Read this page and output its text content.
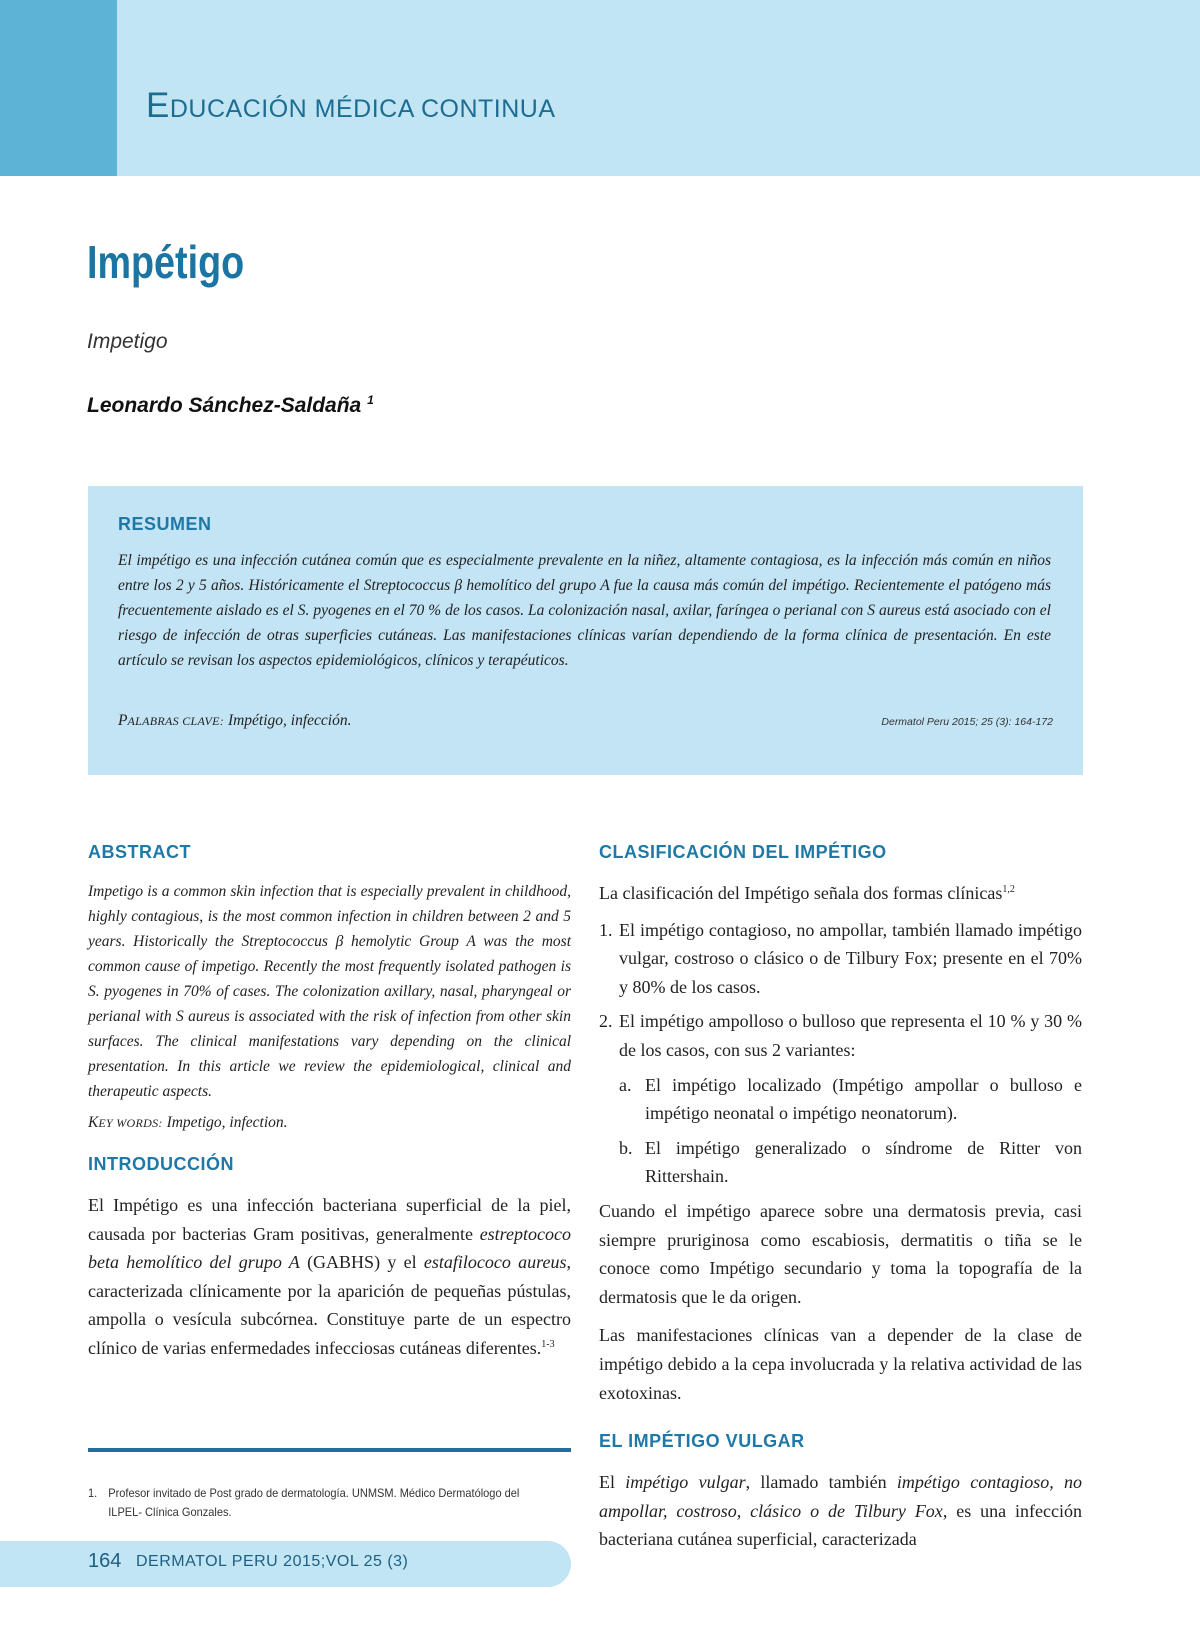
EDUCACIÓN MÉDICA CONTINUA
Impétigo
Impetigo
Leonardo Sánchez-Saldaña $^1$
RESUMEN

El impétigo es una infección cutánea común que es especialmente prevalente en la niñez, altamente contagiosa, es la infección más común en niños entre los 2 y 5 años. Históricamente el Streptococcus β hemolítico del grupo A fue la causa más común del impétigo. Recientemente el patógeno más frecuentemente aislado es el S. pyogenes en el 70 % de los casos. La colonización nasal, axilar, faríngea o perianal con S aureus está asociado con el riesgo de infección de otras superficies cutáneas. Las manifestaciones clínicas varían dependiendo de la forma clínica de presentación. En este artículo se revisan los aspectos epidemiológicos, clínicos y terapéuticos.

PALABRAS CLAVE: Impétigo, infección.	Dermatol Peru 2015; 25 (3): 164-172
ABSTRACT

Impetigo is a common skin infection that is especially prevalent in childhood, highly contagious, is the most common infection in children between 2 and 5 years. Historically the Streptococcus β hemolytic Group A was the most common cause of impetigo. Recently the most frequently isolated pathogen is S. pyogenes in 70% of cases. The colonization axillary, nasal, pharyngeal or perianal with S aureus is associated with the risk of infection from other skin surfaces. The clinical manifestations vary depending on the clinical presentation. In this article we review the epidemiological, clinical and therapeutic aspects.

KEY WORDS: Impetigo, infection.

INTRODUCCIÓN

El Impétigo es una infección bacteriana superficial de la piel, causada por bacterias Gram positivas, generalmente estreptococo beta hemolítico del grupo A (GABHS) y el estafilococo aureus, caracterizada clínicamente por la aparición de pequeñas pústulas, ampolla o vesícula subcórnea. Constituye parte de un espectro clínico de varias enfermedades infecciosas cutáneas diferentes.$^{1-3}$

1. Profesor invitado de Post grado de dermatología. UNMSM. Médico Dermatólogo del ILPEL- Clínica Gonzales.
164 DERMATOL PERU 2015;VOL 25 (3)
CLASIFICACIÓN DEL IMPÉTIGO

La clasificación del Impétigo señala dos formas clínicas$^{1,2}$

1. El impétigo contagioso, no ampollar, también llamado impétigo vulgar, costroso o clásico o de Tilbury Fox; presente en el 70% y 80% de los casos.
2. El impétigo ampolloso o bulloso que representa el 10 % y 30 % de los casos, con sus 2 variantes:
a. El impétigo localizado (Impétigo ampollar o bulloso e impétigo neonatal o impétigo neonatorum).
b. El impétigo generalizado o síndrome de Ritter von Rittershain.

Cuando el impétigo aparece sobre una dermatosis previa, casi siempre pruriginosa como escabiosis, dermatitis o tiña se le conoce como Impétigo secundario y toma la topografía de la dermatosis que le da origen.

Las manifestaciones clínicas van a depender de la clase de impétigo debido a la cepa involucrada y la relativa actividad de las exotoxinas.

EL IMPÉTIGO VULGAR

El impétigo vulgar, llamado también impétigo contagioso, no ampollar, costroso, clásico o de Tilbury Fox, es una infección bacteriana cutánea superficial, caracterizada
